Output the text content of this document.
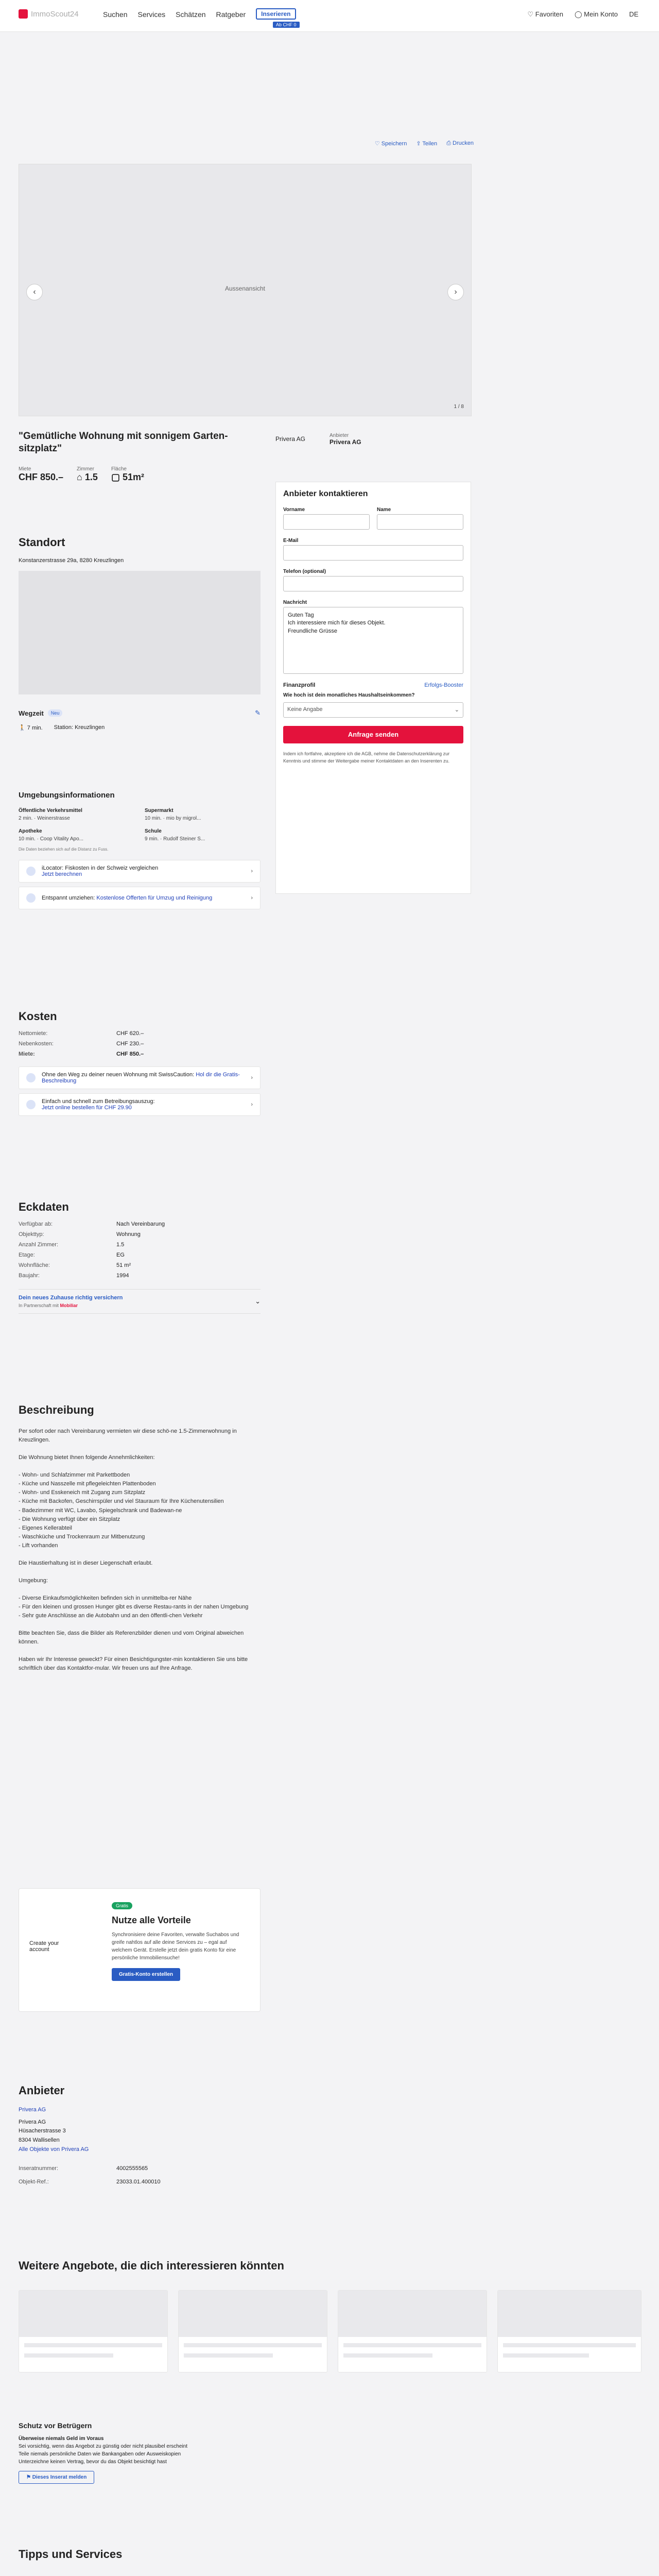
ImmoScout24	Suchen Services Schätzen Ratgeber	Inserieren
Ab CHF 0
♡ Favoriten ◯ Mein Konto DE
♡ Speichern ⇪ Teilen ⎙ Drucken
Aussenansicht
‹	›
1 / 8
"Gemütliche Wohnung mit sonnigem Garten-sitzplatz"
Miete
CHF 850.–
Zimmer
⌂ 1.5
Fläche
▢ 51m²
Privera AG	Anbieter
Privera AG
Anbieter kontaktieren
Vorname	Name
E-Mail
Telefon (optional)
Nachricht
Guten Tag
Ich interessiere mich für dieses Objekt.
Freundliche Grüsse
Finanzprofil	Erfolgs-Booster
Wie hoch ist dein monatliches Haushaltseinkommen?
Keine Angabe	⌄
Anfrage senden
Indem ich fortfahre, akzeptiere ich die AGB, nehme die Datenschutzerklärung zur Kenntnis und stimme der Weitergabe meiner Kontaktdaten an den Inserenten zu.
Standort
Konstanzerstrasse 29a, 8280 Kreuzlingen
Wegzeit	Neu	✎
🚶 7 min. Station: Kreuzlingen
Umgebungsinformationen
Öffentliche Verkehrsmittel
2 min. · Weinerstrasse
Supermarkt
10 min. · mio by migrol...
Apotheke
10 min. · Coop Vitality Apo...
Schule
9 min. · Rudolf Steiner S...
Die Daten beziehen sich auf die Distanz zu Fuss.
iLocator: Fiskosten in der Schweiz vergleichen
Jetzt berechnen	›
Entspannt umziehen: Kostenlose Offerten für Umzug und Reinigung	›
Kosten
Nettomiete:	CHF 620.–
Nebenkosten:	CHF 230.–
Miete:	CHF 850.–
Ohne den Weg zu deiner neuen Wohnung mit SwissCaution: Hol dir die Gratis-Beschreibung	›
Einfach und schnell zum Betreibungsauszug:
Jetzt online bestellen für CHF 29.90	›
Eckdaten
Verfügbar ab:	Nach Vereinbarung
Objekttyp:	Wohnung
Anzahl Zimmer:	1.5
Etage:	EG
Wohnfläche:	51 m²
Baujahr:	1994
Dein neues Zuhause richtig versichern
In Partnerschaft mit Mobiliar
⌄
Beschreibung

Per sofort oder nach Vereinbarung vermieten wir diese schö-ne 1.5-Zimmerwohnung in Kreuzlingen.

Die Wohnung bietet Ihnen folgende Annehmlichkeiten:

- Wohn- und Schlafzimmer mit Parkettboden
- Küche und Nasszelle mit pflegeleichten Plattenboden
- Wohn- und Esskeneich mit Zugang zum Sitzplatz
- Küche mit Backofen, Geschirrspüler und viel Stauraum für Ihre Küchenutensilien
- Badezimmer mit WC, Lavabo, Spiegelschrank und Badewan-ne
- Die Wohnung verfügt über ein Sitzplatz
- Eigenes Kellerabteil
- Waschküche und Trockenraum zur Mitbenutzung
- Lift vorhanden

Die Haustierhaltung ist in dieser Liegenschaft erlaubt.

Umgebung:

- Diverse Einkaufsmöglichkeiten befinden sich in unmittelba-rer Nähe
- Für den kleinen und grossen Hunger gibt es diverse Restau-rants in der nahen Umgebung
- Sehr gute Anschlüsse an die Autobahn und an den öffentli-chen Verkehr

Bitte beachten Sie, dass die Bilder als Referenzbilder dienen und vom Original abweichen können.

Haben wir Ihr Interesse geweckt? Für einen Besichtigungster-min kontaktieren Sie uns bitte schriftlich über das Kontaktfor-mular. Wir freuen uns auf Ihre Anfrage.

Create your account
Gratis
Nutze alle Vorteile
Synchronisiere deine Favoriten, verwalte Suchabos und greife nahtlos auf alle deine Services zu – egal auf welchem Gerät. Erstelle jetzt dein gratis Konto für eine persönliche Immobiliensuche!
Gratis-Konto erstellen
Anbieter
Privera AG
Privera AG
Hüsacherstrasse 3
8304 Wallisellen
Alle Objekte von Privera AG
Inseratnummer:	4002555565
Objekt-Ref.:	23033.01.400010
Weitere Angebote, die dich interessieren könnten
Schutz vor Betrügern
Überweise niemals Geld im Voraus
Sei vorsichtig, wenn das Angebot zu günstig oder nicht plausibel erscheint
Teile niemals persönliche Daten wie Bankangaben oder Ausweiskopien
Unterzeichne keinen Vertrag, bevor du das Objekt besichtigt hast
⚑ Dieses Inserat melden
Tipps und Services
